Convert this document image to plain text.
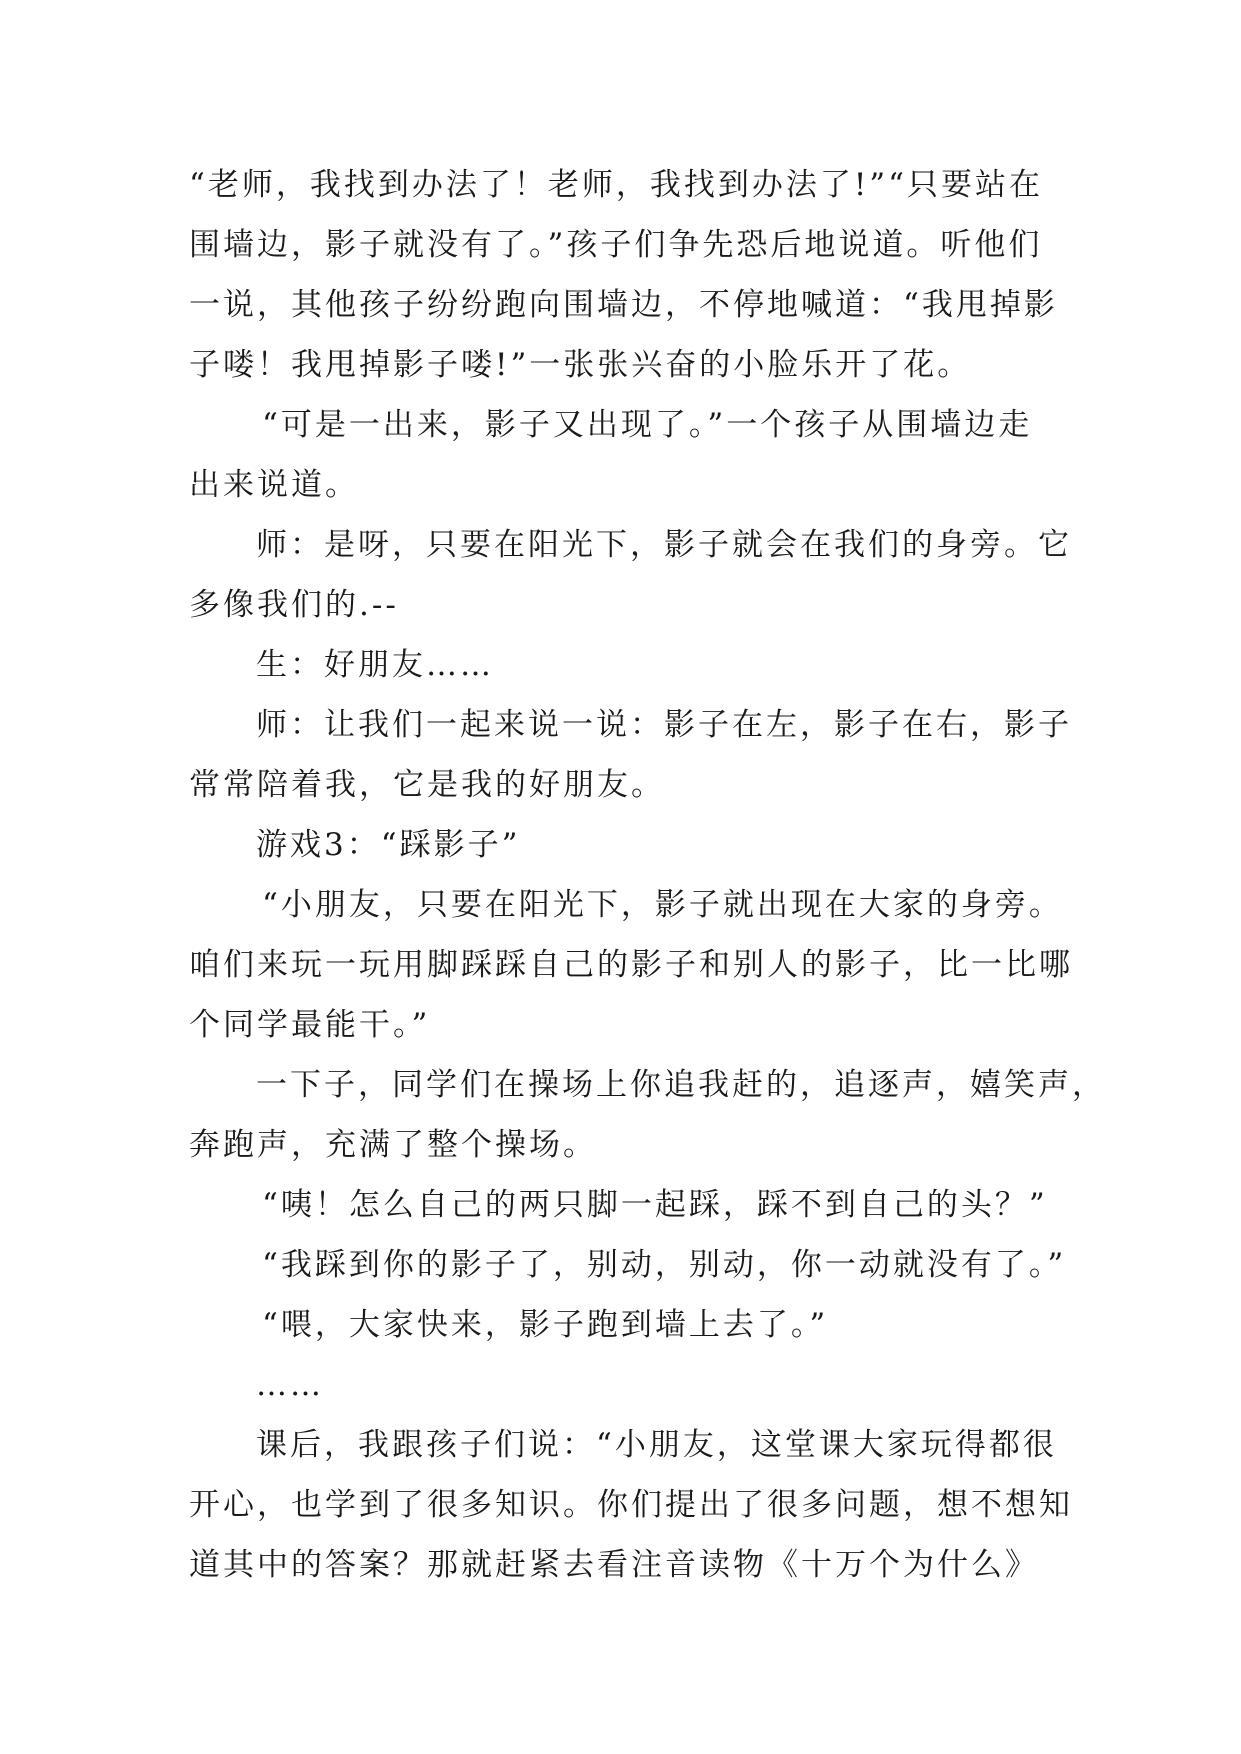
“老师，我找到办法了！老师，我找到办法了!”“只要站在
围墙边，影子就没有了。”孩子们争先恐后地说道。听他们
一说，其他孩子纷纷跑向围墙边，不停地喊道：“我甩掉影
子喽！我甩掉影子喽!”一张张兴奋的小脸乐开了花。
“可是一出来，影子又出现了。”一个孩子从围墙边走
出来说道。
师：是呀，只要在阳光下，影子就会在我们的身旁。它
多像我们的.--
生：好朋友……
师：让我们一起来说一说：影子在左，影子在右，影子
常常陪着我，它是我的好朋友。
游戏3：“踩影子”
“小朋友，只要在阳光下，影子就出现在大家的身旁。
咱们来玩一玩用脚踩踩自己的影子和别人的影子，比一比哪
个同学最能干。”
一下子，同学们在操场上你追我赶的，追逐声，嬉笑声，
奔跑声，充满了整个操场。
“咦！怎么自己的两只脚一起踩，踩不到自己的头？”
“我踩到你的影子了，别动，别动，你一动就没有了。”
“喂，大家快来，影子跑到墙上去了。”
……
课后，我跟孩子们说：“小朋友，这堂课大家玩得都很
开心，也学到了很多知识。你们提出了很多问题，想不想知
道其中的答案？那就赶紧去看注音读物《十万个为什么》
